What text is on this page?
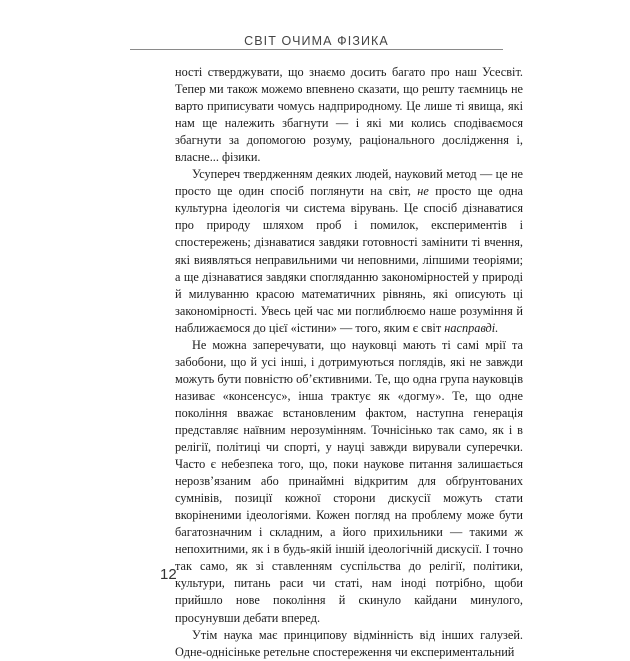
СВІТ ОЧИМА ФІЗИКА

ності стверджувати, що знаємо досить багато про наш Усесвіт. Тепер ми також можемо впевнено сказати, що решту таємниць не варто приписувати чомусь надприродному. Це лише ті явища, які нам ще належить збагнути — і які ми колись сподіваємося збагнути за допомогою розуму, раціонального дослідження і, власне... фізики.

Усупереч твердженням деяких людей, науковий метод — це не просто ще один спосіб поглянути на світ, не просто ще одна культурна ідеологія чи система вірувань. Це спосіб дізнаватися про природу шляхом проб і помилок, експериментів і спостережень; дізнаватися завдяки готовності замінити ті вчення, які виявляться неправильними чи неповними, ліпшими теоріями; а ще дізнаватися завдяки спогляданню закономірностей у природі й милуванню красою математичних рівнянь, які описують ці закономірності. Увесь цей час ми поглиблюємо наше розуміння й наближаємося до цієї «істини» — того, яким є світ насправді.

Не можна заперечувати, що науковці мають ті самі мрії та забобони, що й усі інші, і дотримуються поглядів, які не завжди можуть бути повністю об’єктивними. Те, що одна група науковців називає «консенсус», інша трактує як «догму». Те, що одне покоління вважає встановленим фактом, наступна генерація представляє наївним нерозумінням. Точнісінько так само, як і в релігії, політиці чи спорті, у науці завжди вирували суперечки. Часто є небезпека того, що, поки наукове питання залишається нерозв’язаним або принаймні відкритим для обґрунтованих сумнівів, позиції кожної сторони дискусії можуть стати вкоріненими ідеологіями. Кожен погляд на проблему може бути багатозначним і складним, а його прихильники — такими ж непохитними, як і в будь-якій іншій ідеологічній дискусії. І точно так само, як зі ставленням суспільства до релігії, політики, культури, питань раси чи статі, нам іноді потрібно, щоби прийшло нове покоління й скинуло кайдани минулого, просунувши дебати вперед.

Утім наука має принципову відмінність від інших галузей. Одне-однісіньке ретельне спостереження чи експериментальний

12
